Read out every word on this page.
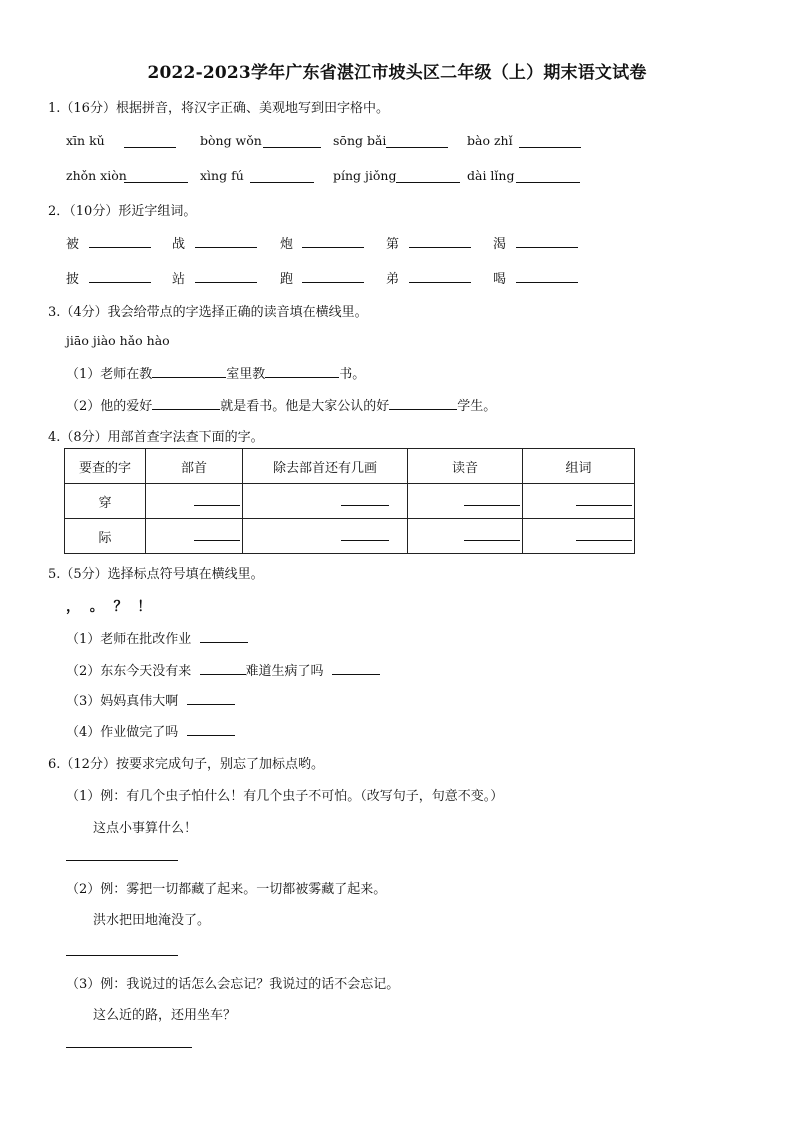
2022-2023学年广东省湛江市坡头区二年级（上）期末语文试卷
1.（16分）根据拼音，将汉字正确、美观地写到田字格中。
xīn kǔ	bòng wǒn	sōng bǎi	bào zhǐ
zhǒn xiòn	xìng fú	píng jiǒng	dài lǐng
2．（10分）形近字组词。
被	战	炮	第	渴
披	站	跑	弟	喝
3.（4分）我会给带点的字选择正确的读音填在横线里。
jiāo jiào hǎo hào
（1）老师在教	室里教	书。
（2）他的爱好	就是看书。他是大家公认的好	学生。
4.（8分）用部首查字法查下面的字。
要查的字	部首	除去部首还有几画	读音	组词
穿				
际				
5.（5分）选择标点符号填在横线里。
，  。  ？  ！
（1）老师在批改作业
（2）东东今天没有来	难道生病了吗
（3）妈妈真伟大啊
（4）作业做完了吗
6.（12分）按要求完成句子，别忘了加标点哟。
（1）例：有几个虫子怕什么！有几个虫子不可怕。（改写句子，句意不变。）
这点小事算什么！
（2）例：雾把一切都藏了起来。一切都被雾藏了起来。
洪水把田地淹没了。
（3）例：我说过的话怎么会忘记？我说过的话不会忘记。
这么近的路，还用坐车？
